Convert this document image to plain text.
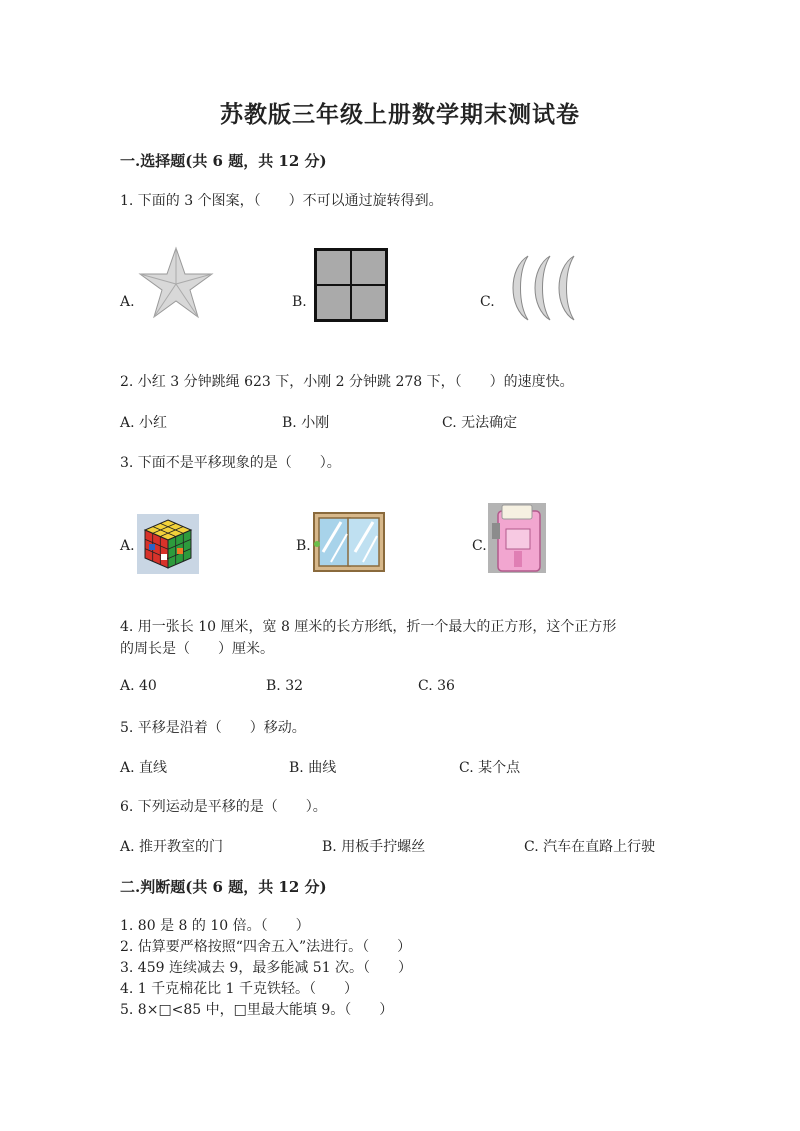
苏教版三年级上册数学期末测试卷
一.选择题(共 6 题，共 12 分)
1. 下面的 3 个图案，（　　）不可以通过旋转得到。
A.	B.	C.
2. 小红 3 分钟跳绳 623 下，小刚 2 分钟跳 278 下，（　　）的速度快。
A. 小红	B. 小刚	C. 无法确定
3. 下面不是平移现象的是（　　）。
A.	B.	C.
4. 用一张长 10 厘米，宽 8 厘米的长方形纸，折一个最大的正方形，这个正方形
的周长是（　　）厘米。
A. 40	B. 32	C. 36
5. 平移是沿着（　　）移动。
A. 直线	B. 曲线	C. 某个点
6. 下列运动是平移的是（　　）。
A. 推开教室的门	B. 用板手拧螺丝	C. 汽车在直路上行驶
二.判断题(共 6 题，共 12 分)
1. 80 是 8 的 10 倍。（　　）
2. 估算要严格按照“四舍五入”法进行。（　　）
3. 459 连续减去 9，最多能减 51 次。（　　）
4. 1 千克棉花比 1 千克铁轻。（　　）
5. 8×□<85 中，□里最大能填 9。（　　）
